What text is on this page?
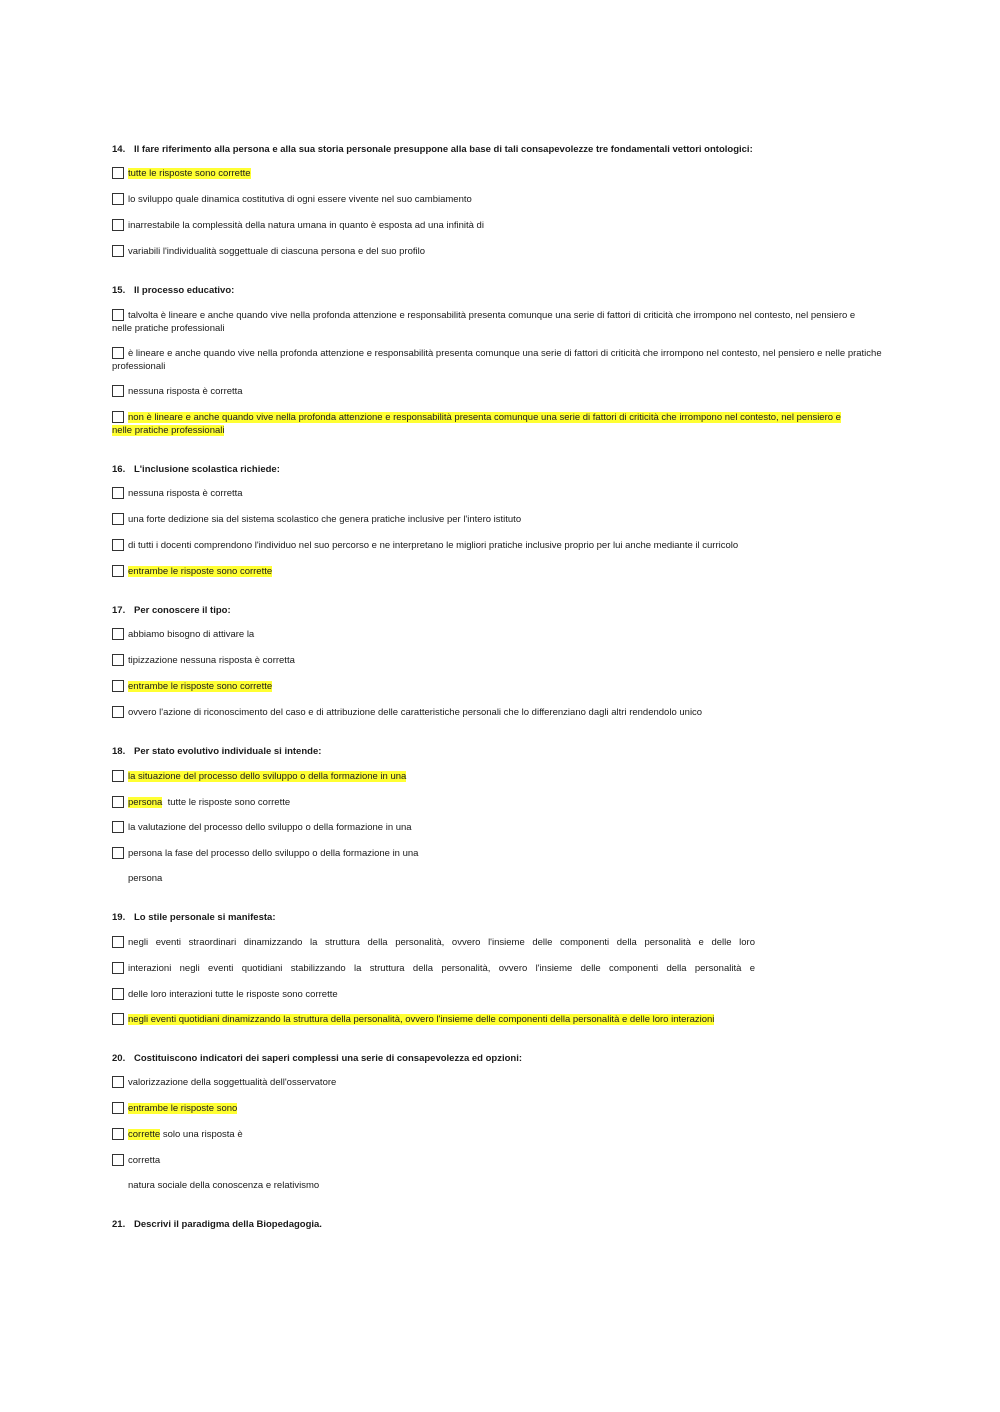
14. Il fare riferimento alla persona e alla sua storia personale presuppone alla base di tali consapevolezze tre fondamentali vettori ontologici:
tutte le risposte sono corrette
lo sviluppo quale dinamica costitutiva di ogni essere vivente nel suo cambiamento
inarrestabile la complessità della natura umana in quanto è esposta ad una infinità di
variabili l'individualità soggettuale di ciascuna persona e del suo profilo
15. Il processo educativo:
talvolta è lineare e anche quando vive nella profonda attenzione e responsabilità presenta comunque una serie di fattori di criticità che irrompono nel contesto, nel pensiero e nelle pratiche professionali
è lineare e anche quando vive nella profonda attenzione e responsabilità presenta comunque una serie di fattori di criticità che irrompono nel contesto, nel pensiero e nelle pratiche professionali
nessuna risposta è corretta
non è lineare e anche quando vive nella profonda attenzione e responsabilità presenta comunque una serie di fattori di criticità che irrompono nel contesto, nel pensiero e nelle pratiche professionali
16. L'inclusione scolastica richiede:
nessuna risposta è corretta
una forte dedizione sia del sistema scolastico che genera pratiche inclusive per l'intero istituto
di tutti i docenti comprendono l'individuo nel suo percorso e ne interpretano le migliori pratiche inclusive proprio per lui anche mediante il curricolo
entrambe le risposte sono corrette
17. Per conoscere il tipo:
abbiamo bisogno di attivare la
tipizzazione nessuna risposta è corretta
entrambe le risposte sono corrette
ovvero l'azione di riconoscimento del caso e di attribuzione delle caratteristiche personali che lo differenziano dagli altri rendendolo unico
18. Per stato evolutivo individuale si intende:
la situazione del processo dello sviluppo o della formazione in una
persona tutte le risposte sono corrette
la valutazione del processo dello sviluppo o della formazione in una
persona la fase del processo dello sviluppo o della formazione in una
persona
19. Lo stile personale si manifesta:
negli eventi straordinari dinamizzando la struttura della personalità, ovvero l'insieme delle componenti della personalità e delle loro
interazioni negli eventi quotidiani stabilizzando la struttura della personalità, ovvero l'insieme delle componenti della personalità e
delle loro interazioni tutte le risposte sono corrette
negli eventi quotidiani dinamizzando la struttura della personalità, ovvero l'insieme delle componenti della personalità e delle loro interazioni
20. Costituiscono indicatori dei saperi complessi una serie di consapevolezza ed opzioni:
valorizzazione della soggettualità dell'osservatore
entrambe le risposte sono
corrette solo una risposta è
corretta
natura sociale della conoscenza e relativismo
21. Descrivi il paradigma della Biopedagogia.
